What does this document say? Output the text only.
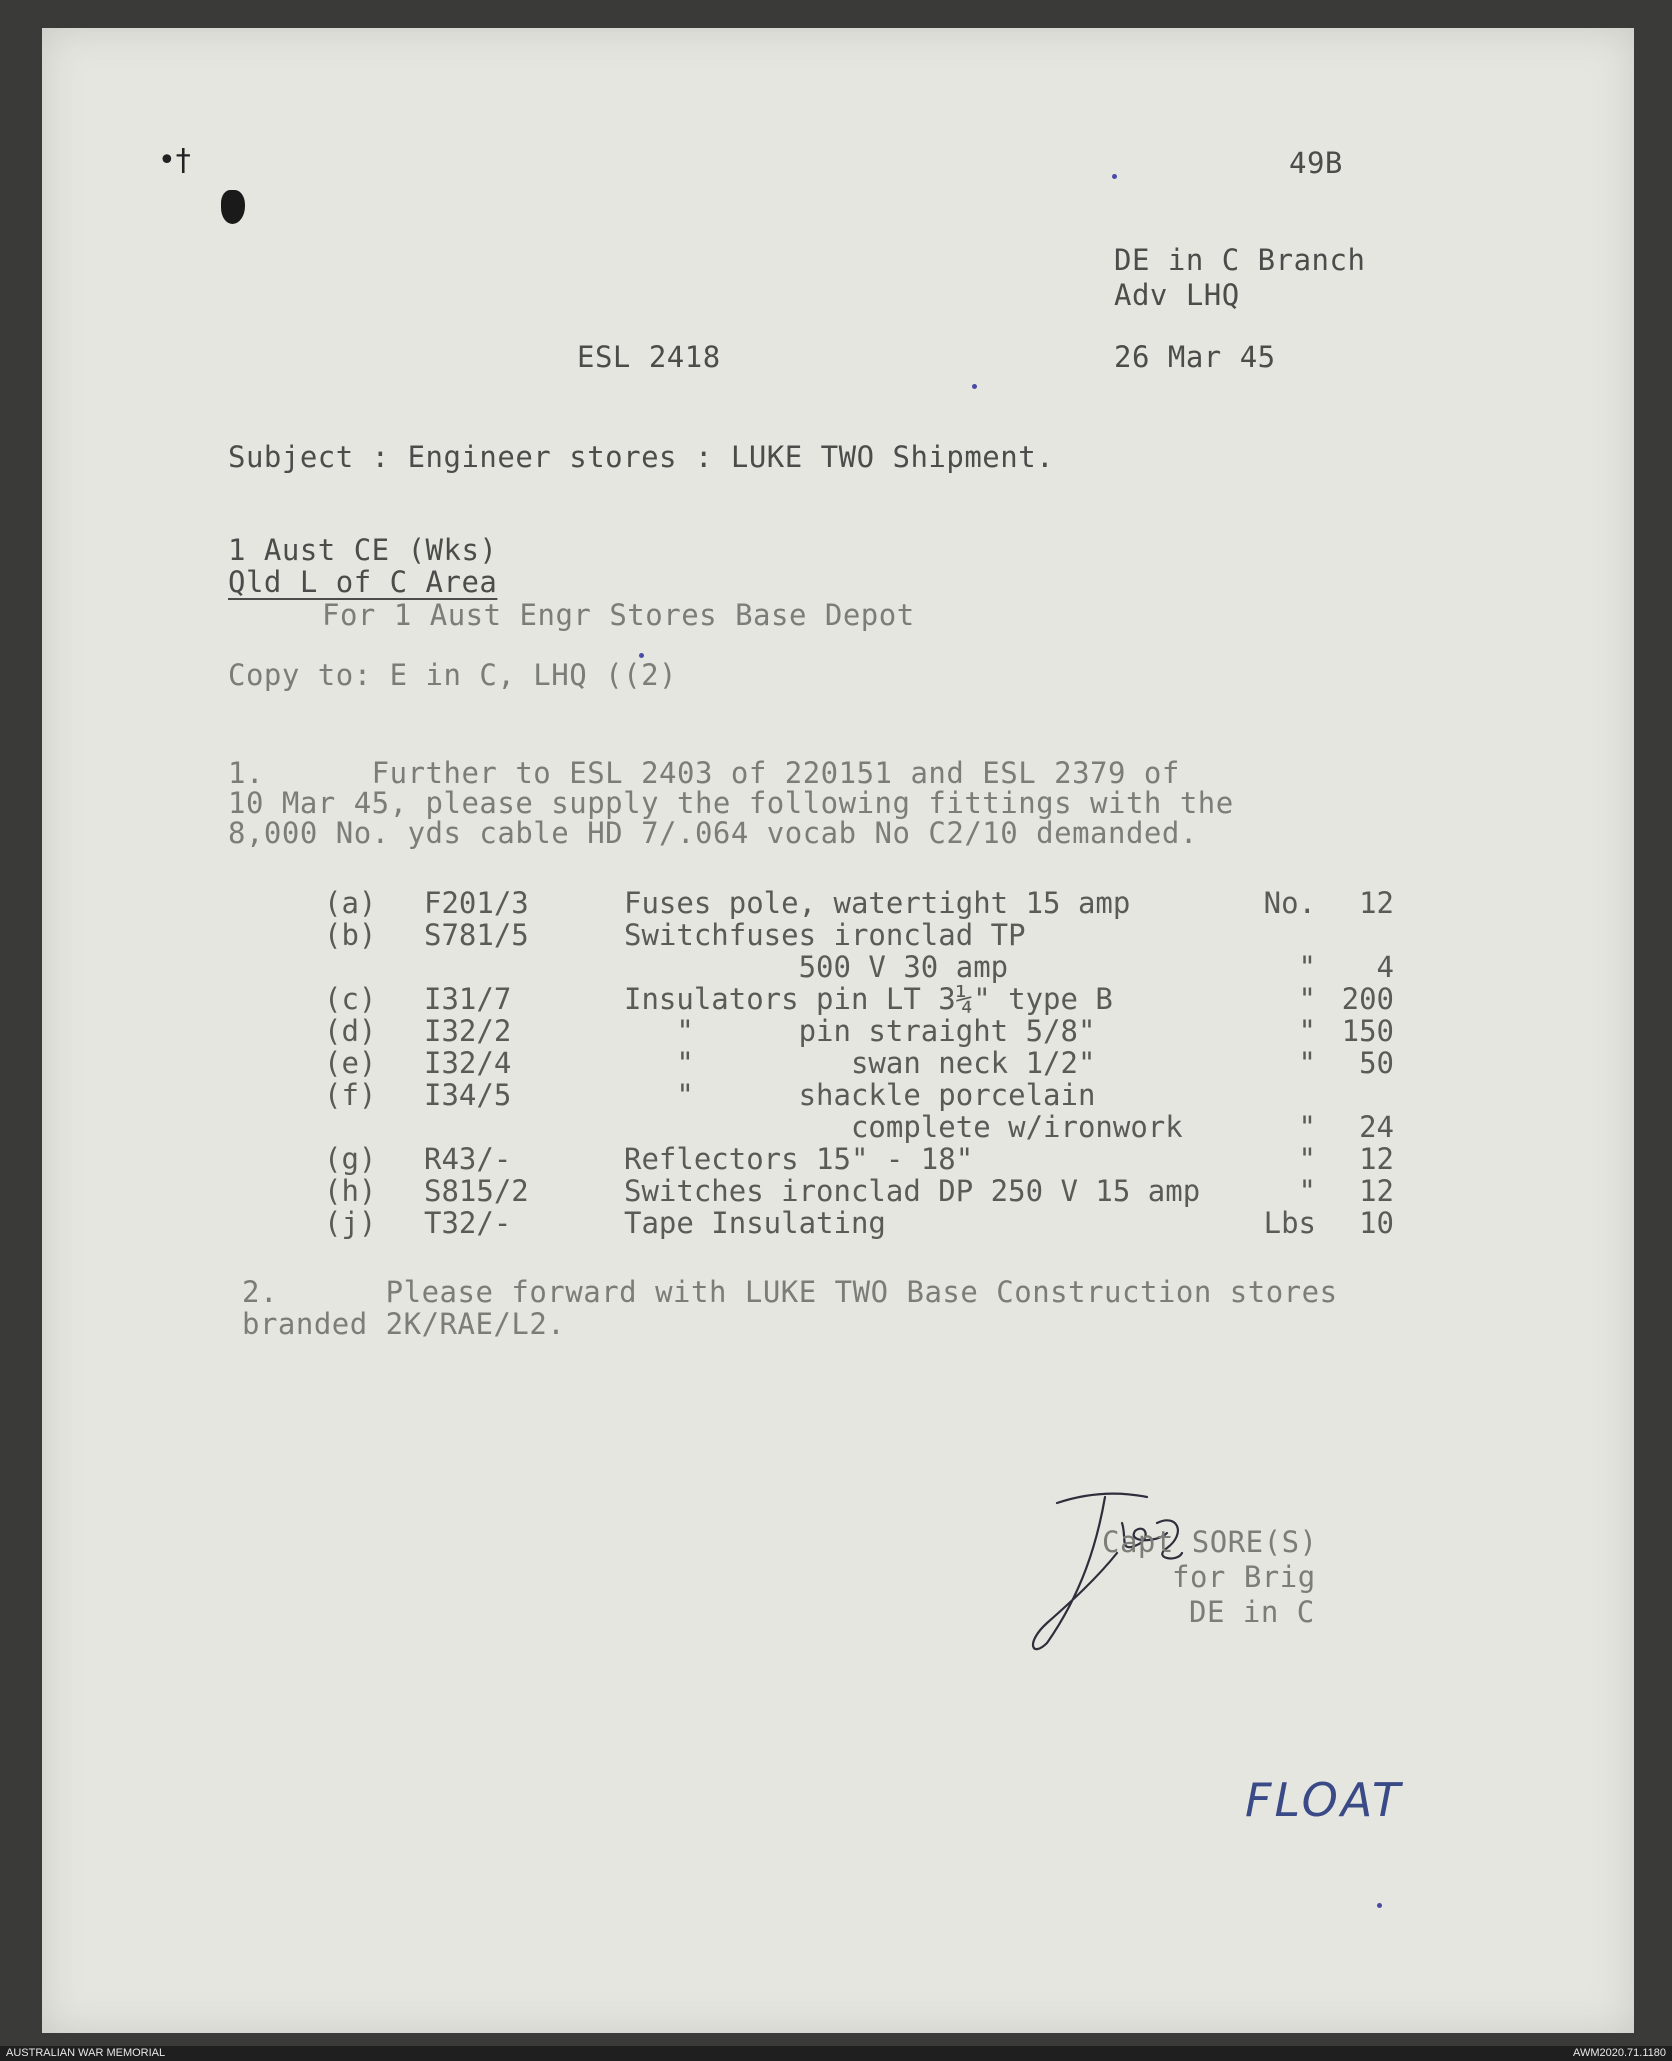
•†	49B
DE in C Branch
Adv LHQ
ESL 2418	26 Mar 45
Subject : Engineer stores : LUKE TWO Shipment.
1 Aust CE (Wks)
Qld L of C Area
For 1 Aust Engr Stores Base Depot
Copy to: E in C, LHQ ((2)
1.      Further to ESL 2403 of 220151 and ESL 2379 of
10 Mar 45, please supply the following fittings with the
8,000 No. yds cable HD 7/.064 vocab No C2/10 demanded.
(a) F201/3	Fuses pole, watertight 15 amp	No.	12
(b) S781/5	Switchfuses ironclad TP
500 V 30 amp	"	4
(c) I31/7	Insulators pin LT 3¼" type B	" 200
(d) I32/2	"      pin straight 5/8"	" 150
(e) I32/4	"         swan neck 1/2"	"	50
(f) I34/5	"      shackle porcelain
complete w/ironwork	"	24
(g) R43/-	Reflectors 15" - 18"	"	12
(h) S815/2	Switches ironclad DP 250 V 15 amp	"	12
(j) T32/-	Tape Insulating	Lbs	10
2.      Please forward with LUKE TWO Base Construction stores
branded 2K/RAE/L2.
Capt SORE(S)
for Brig
DE in C
FLOAT
AUSTRALIAN WAR MEMORIAL	AWM2020.71.1180
